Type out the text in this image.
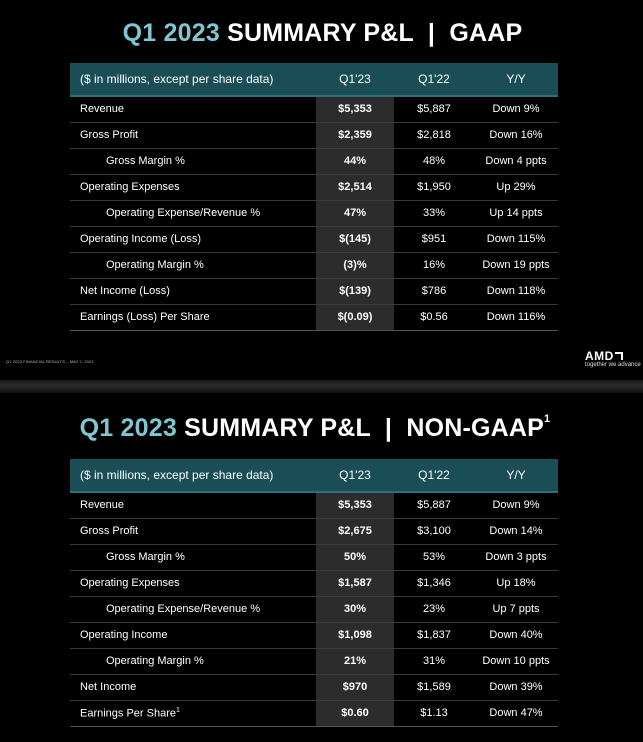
Q1 2023 SUMMARY P&L  |  GAAP
($ in millions, except per share data)	Q1'23	Q1'22	Y/Y
Revenue	$5,353	$5,887	Down 9%
Gross Profit	$2,359	$2,818	Down 16%
Gross Margin %	44%	48%	Down 4 ppts
Operating Expenses	$2,514	$1,950	Up 29%
Operating Expense/Revenue %	47%	33%	Up 14 ppts
Operating Income (Loss)	$(145)	$951	Down 115%
Operating Margin %	(3)%	16%	Down 19 ppts
Net Income (Loss)	$(139)	$786	Down 118%
Earnings (Loss) Per Share	$(0.09)	$0.56	Down 116%
Q1 2023 FINANCIAL RESULTS – MAY 2, 2023	AMD
together we advance
Q1 2023 SUMMARY P&L  |  NON-GAAP$^1$
($ in millions, except per share data)	Q1'23	Q1'22	Y/Y
Revenue	$5,353	$5,887	Down 9%
Gross Profit	$2,675	$3,100	Down 14%
Gross Margin %	50%	53%	Down 3 ppts
Operating Expenses	$1,587	$1,346	Up 18%
Operating Expense/Revenue %	30%	23%	Up 7 ppts
Operating Income	$1,098	$1,837	Down 40%
Operating Margin %	21%	31%	Down 10 ppts
Net Income	$970	$1,589	Down 39%
Earnings Per Share$^1$	$0.60	$1.13	Down 47%
